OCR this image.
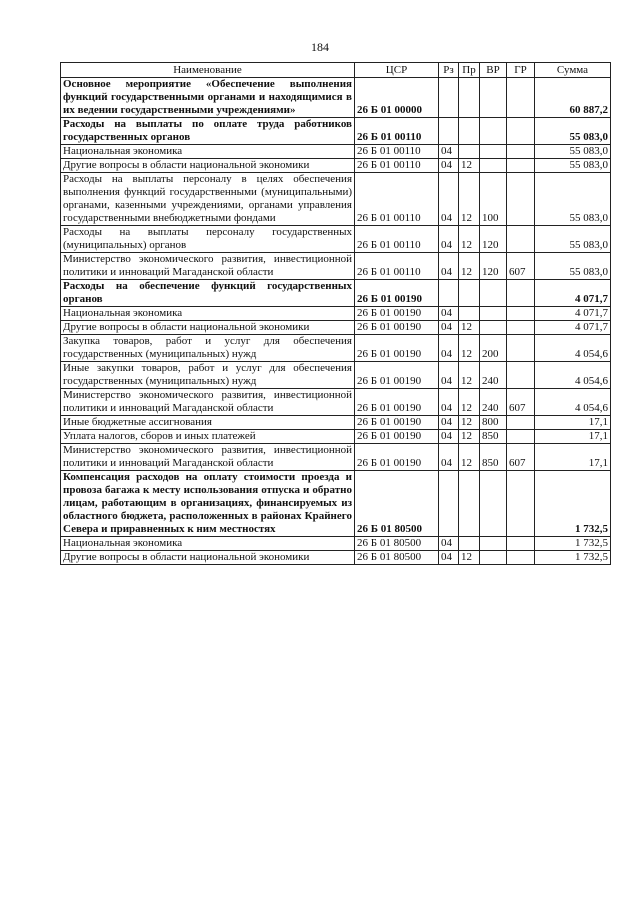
184
Наименование	ЦСР	Рз	Пр	ВР	ГР	Сумма
Основное мероприятие «Обеспечение выполнения функций государственными органами и находящимися в их ведении государственными учреждениями»	26 Б 01 00000					60 887,2
Расходы на выплаты по оплате труда работников государственных органов	26 Б 01 00110					55 083,0
Национальная экономика	26 Б 01 00110	04				55 083,0
Другие вопросы в области национальной экономики	26 Б 01 00110	04	12			55 083,0
Расходы на выплаты персоналу в целях обеспечения выполнения функций государственными (муниципальными) органами, казенными учреждениями, органами управления государственными внебюджетными фондами	26 Б 01 00110	04	12	100		55 083,0
Расходы на выплаты персоналу государственных (муниципальных) органов	26 Б 01 00110	04	12	120		55 083,0
Министерство экономического развития, инвестиционной политики и инноваций Магаданской области	26 Б 01 00110	04	12	120	607	55 083,0
Расходы на обеспечение функций государственных органов	26 Б 01 00190					4 071,7
Национальная экономика	26 Б 01 00190	04				4 071,7
Другие вопросы в области национальной экономики	26 Б 01 00190	04	12			4 071,7
Закупка товаров, работ и услуг для обеспечения государственных (муниципальных) нужд	26 Б 01 00190	04	12	200		4 054,6
Иные закупки товаров, работ и услуг для обеспечения государственных (муниципальных) нужд	26 Б 01 00190	04	12	240		4 054,6
Министерство экономического развития, инвестиционной политики и инноваций Магаданской области	26 Б 01 00190	04	12	240	607	4 054,6
Иные бюджетные ассигнования	26 Б 01 00190	04	12	800		17,1
Уплата налогов, сборов и иных платежей	26 Б 01 00190	04	12	850		17,1
Министерство экономического развития, инвестиционной политики и инноваций Магаданской области	26 Б 01 00190	04	12	850	607	17,1
Компенсация расходов на оплату стоимости проезда и провоза багажа к месту использования отпуска и обратно лицам, работающим в организациях, финансируемых из областного бюджета, расположенных в районах Крайнего Севера и приравненных к ним местностях	26 Б 01 80500					1 732,5
Национальная экономика	26 Б 01 80500	04				1 732,5
Другие вопросы в области национальной экономики	26 Б 01 80500	04	12			1 732,5
